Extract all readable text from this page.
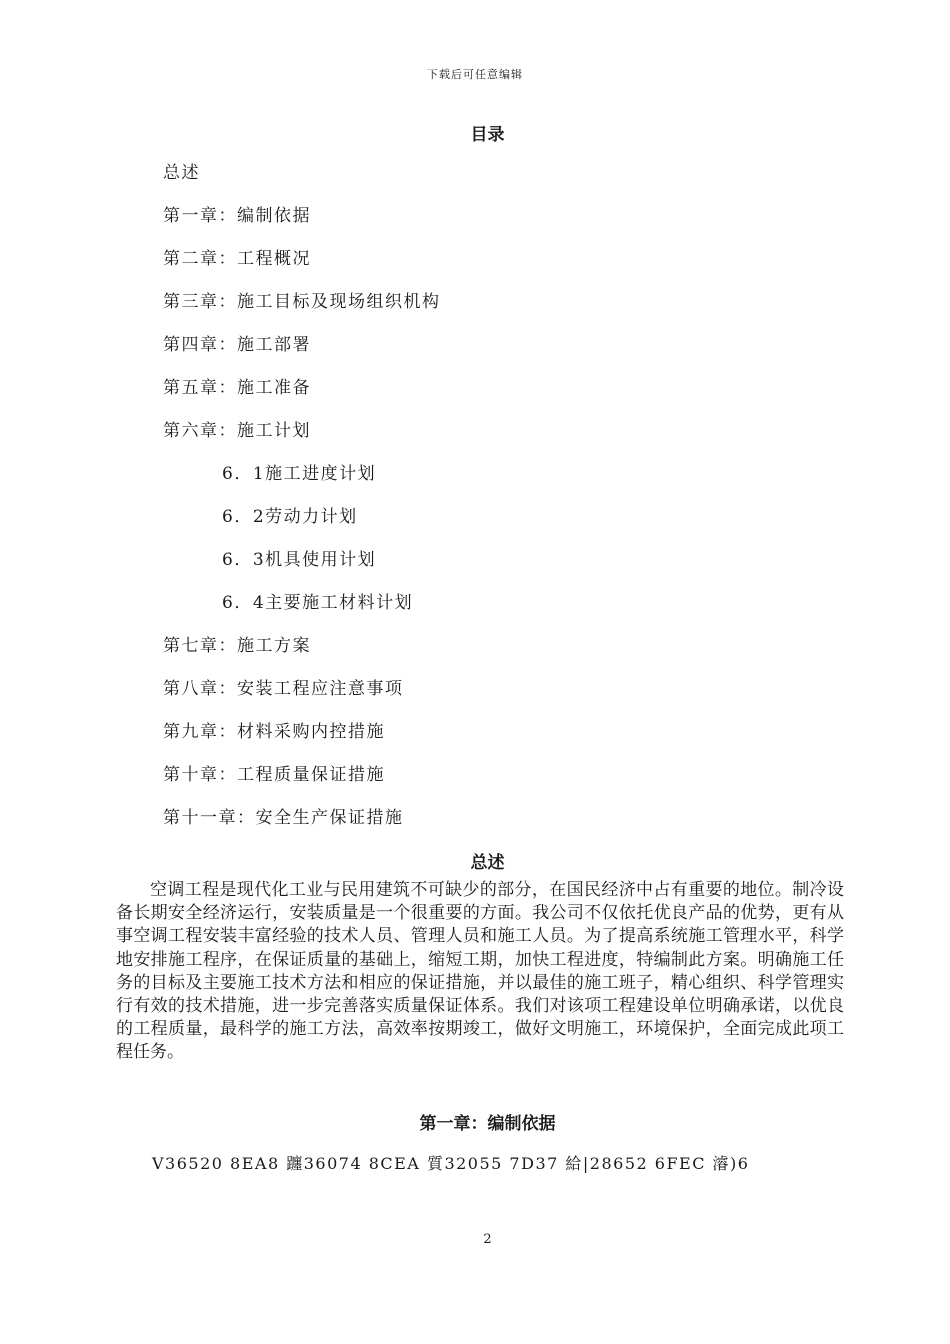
下载后可任意编辑
目录
总述
第一章：编制依据
第二章：工程概况
第三章：施工目标及现场组织机构
第四章：施工部署
第五章：施工准备
第六章：施工计划
6．1施工进度计划
6．2劳动力计划
6．3机具使用计划
6．4主要施工材料计划
第七章：施工方案
第八章：安装工程应注意事项
第九章：材料采购内控措施
第十章：工程质量保证措施
第十一章：安全生产保证措施
总述

空调工程是现代化工业与民用建筑不可缺少的部分，在国民经济中占有重要的地位。制冷设备长期安全经济运行，安装质量是一个很重要的方面。我公司不仅依托优良产品的优势，更有从事空调工程安装丰富经验的技术人员、管理人员和施工人员。为了提高系统施工管理水平，科学地安排施工程序，在保证质量的基础上，缩短工期，加快工程进度，特编制此方案。明确施工任务的目标及主要施工技术方法和相应的保证措施，并以最佳的施工班子，精心组织、科学管理实行有效的技术措施，进一步完善落实质量保证体系。我们对该项工程建设单位明确承诺，以优良的工程质量，最科学的施工方法，高效率按期竣工，做好文明施工，环境保护，全面完成此项工程任务。

第一章：编制依据
V36520 8EA8 躔36074 8CEA 質32055 7D37 給|28652 6FEC 濬)6
2
